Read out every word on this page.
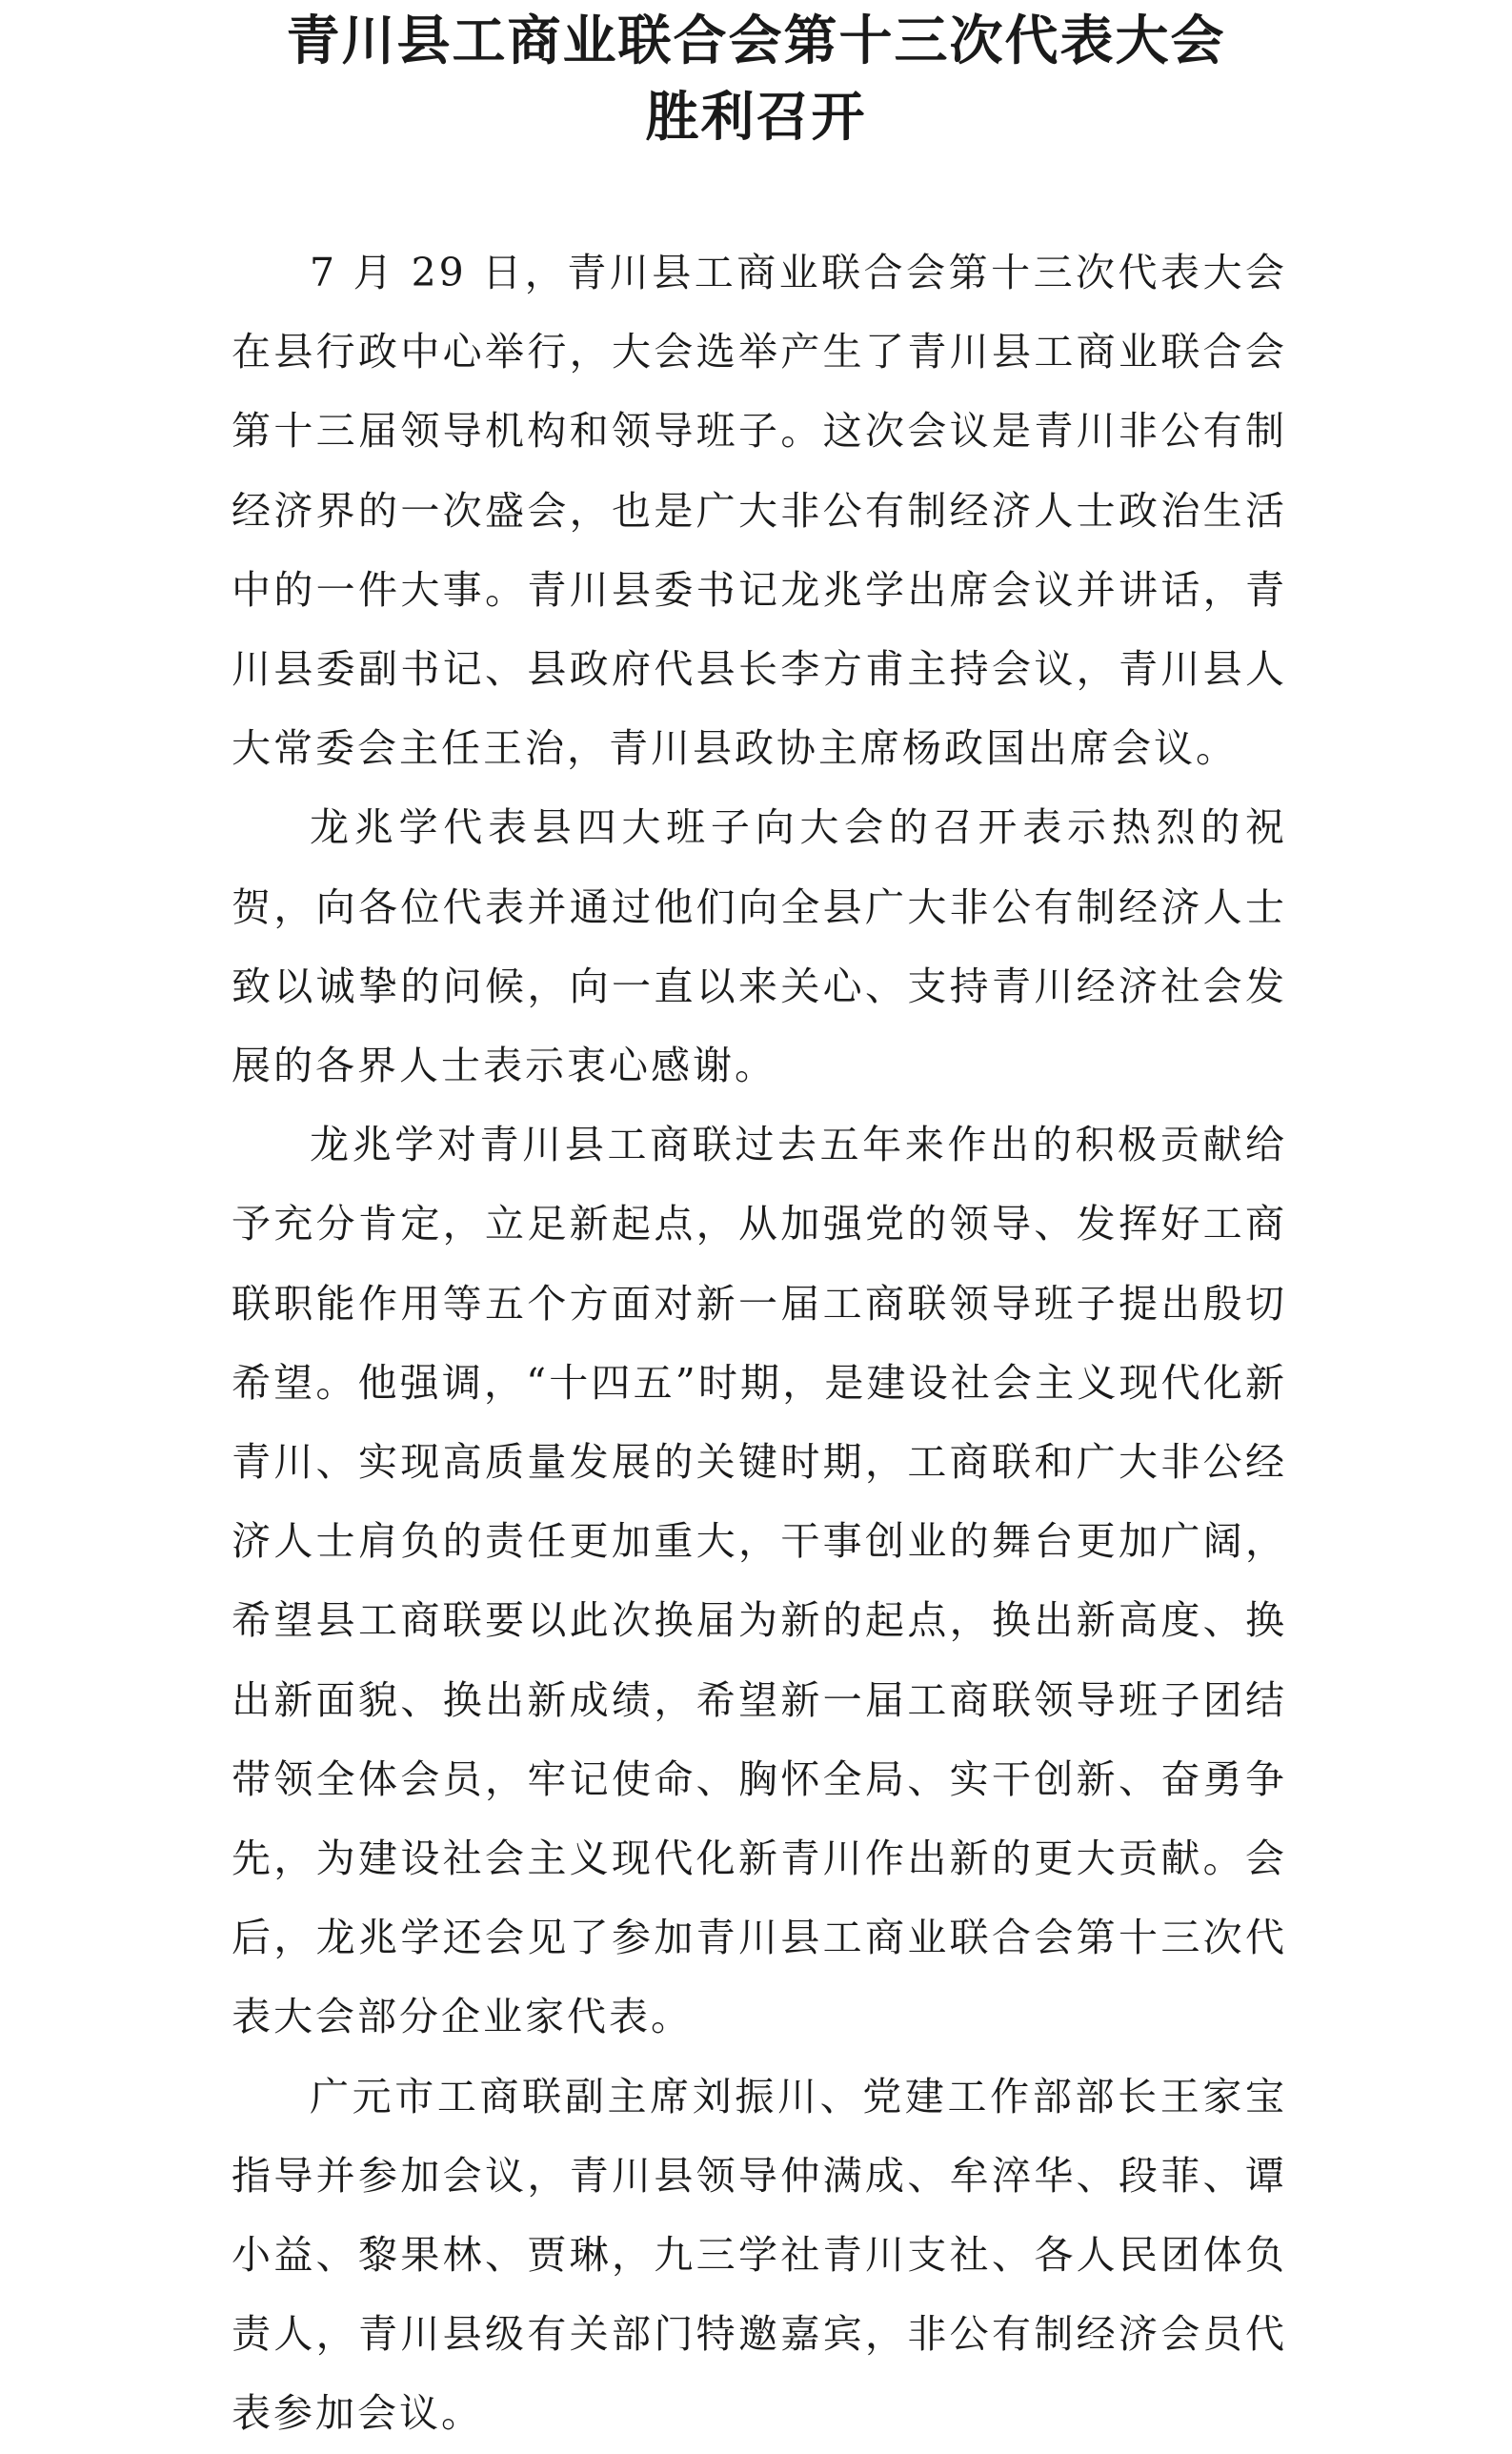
青川县工商业联合会第十三次代表大会
胜利召开

7 月 29 日，青川县工商业联合会第十三次代表大会在县行政中心举行，大会选举产生了青川县工商业联合会第十三届领导机构和领导班子。这次会议是青川非公有制经济界的一次盛会，也是广大非公有制经济人士政治生活中的一件大事。青川县委书记龙兆学出席会议并讲话，青川县委副书记、县政府代县长李方甫主持会议，青川县人大常委会主任王治，青川县政协主席杨政国出席会议。

龙兆学代表县四大班子向大会的召开表示热烈的祝贺，向各位代表并通过他们向全县广大非公有制经济人士致以诚挚的问候，向一直以来关心、支持青川经济社会发展的各界人士表示衷心感谢。

龙兆学对青川县工商联过去五年来作出的积极贡献给予充分肯定，立足新起点，从加强党的领导、发挥好工商联职能作用等五个方面对新一届工商联领导班子提出殷切希望。他强调，“十四五”时期，是建设社会主义现代化新青川、实现高质量发展的关键时期，工商联和广大非公经济人士肩负的责任更加重大，干事创业的舞台更加广阔，希望县工商联要以此次换届为新的起点，换出新高度、换出新面貌、换出新成绩，希望新一届工商联领导班子团结带领全体会员，牢记使命、胸怀全局、实干创新、奋勇争先，为建设社会主义现代化新青川作出新的更大贡献。会后，龙兆学还会见了参加青川县工商业联合会第十三次代表大会部分企业家代表。

广元市工商联副主席刘振川、党建工作部部长王家宝指导并参加会议，青川县领导仲满成、牟淬华、段菲、谭小益、黎果林、贾琳，九三学社青川支社、各人民团体负责人，青川县级有关部门特邀嘉宾，非公有制经济会员代表参加会议。
